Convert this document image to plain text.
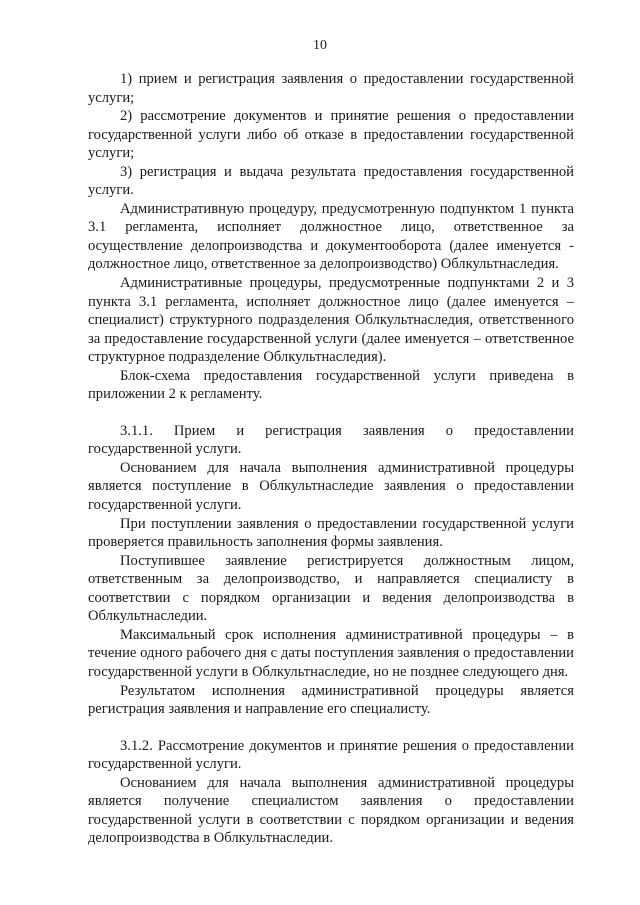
10

1) прием и регистрация заявления о предоставлении государственной услуги;

2) рассмотрение документов и принятие решения о предоставлении государственной услуги либо об отказе в предоставлении государственной услуги;

3) регистрация и выдача результата предоставления государственной услуги.

Административную процедуру, предусмотренную подпунктом 1 пункта 3.1 регламента, исполняет должностное лицо, ответственное за осуществление делопроизводства и документооборота (далее именуется - должностное лицо, ответственное за делопроизводство) Облкультнаследия.

Административные процедуры, предусмотренные подпунктами 2 и 3 пункта 3.1 регламента, исполняет должностное лицо (далее именуется – специалист) структурного подразделения Облкультнаследия, ответственного за предоставление государственной услуги (далее именуется – ответственное структурное подразделение Облкультнаследия).

Блок-схема предоставления государственной услуги приведена в приложении 2 к регламенту.

3.1.1. Прием и регистрация заявления о предоставлении государственной услуги.

Основанием для начала выполнения административной процедуры является поступление в Облкультнаследие заявления о предоставлении государственной услуги.

При поступлении заявления о предоставлении государственной услуги проверяется правильность заполнения формы заявления.

Поступившее заявление регистрируется должностным лицом, ответственным за делопроизводство, и направляется специалисту в соответствии с порядком организации и ведения делопроизводства в Облкультнаследии.

Максимальный срок исполнения административной процедуры – в течение одного рабочего дня с даты поступления заявления о предоставлении государственной услуги в Облкультнаследие, но не позднее следующего дня.

Результатом исполнения административной процедуры является регистрация заявления и направление его специалисту.

3.1.2. Рассмотрение документов и принятие решения о предоставлении государственной услуги.

Основанием для начала выполнения административной процедуры является получение специалистом заявления о предоставлении государственной услуги в соответствии с порядком организации и ведения делопроизводства в Облкультнаследии.
